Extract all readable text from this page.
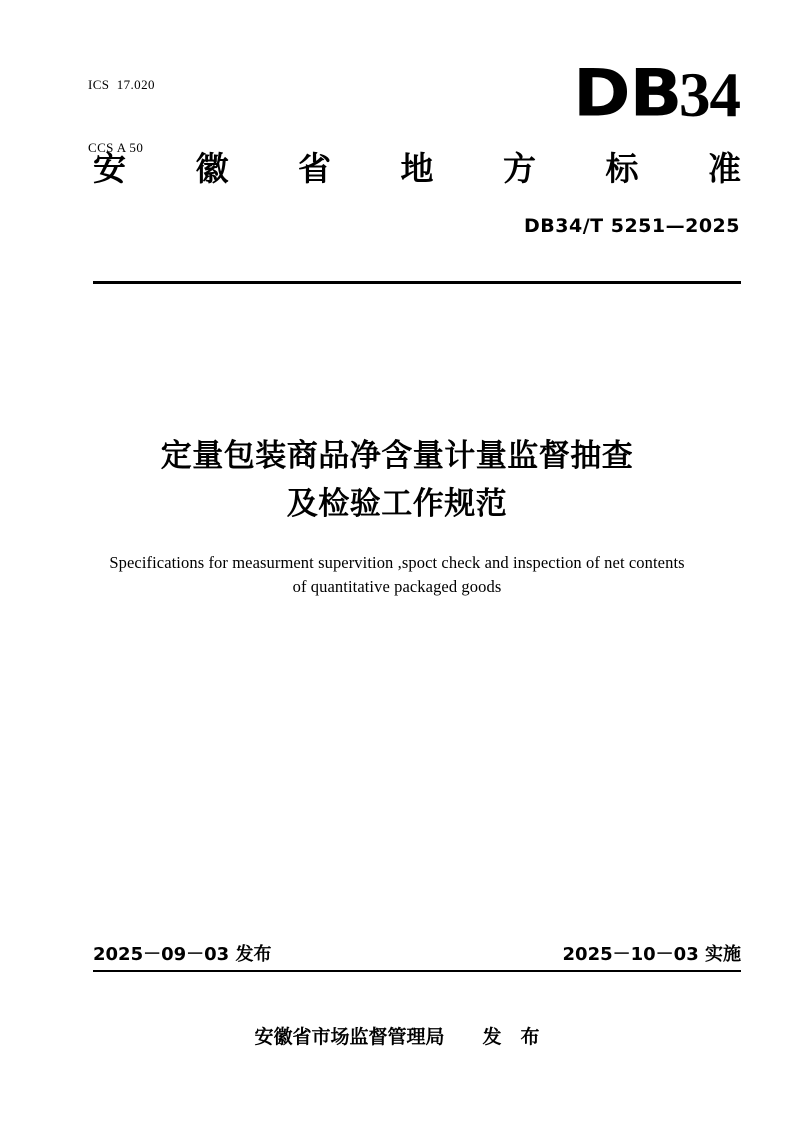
ICS  17.020

CCS A 50

DB
34
安 徽 省 地 方 标 准
DB34/T 5251—2025
定量包装商品净含量计量监督抽查
及检验工作规范
Specifications for measurment supervition ,spoct check and inspection of net contents
of quantitative packaged goods
2025－09－03 发布	2025－10－03 实施
安徽省市场监督管理局　　发　布
